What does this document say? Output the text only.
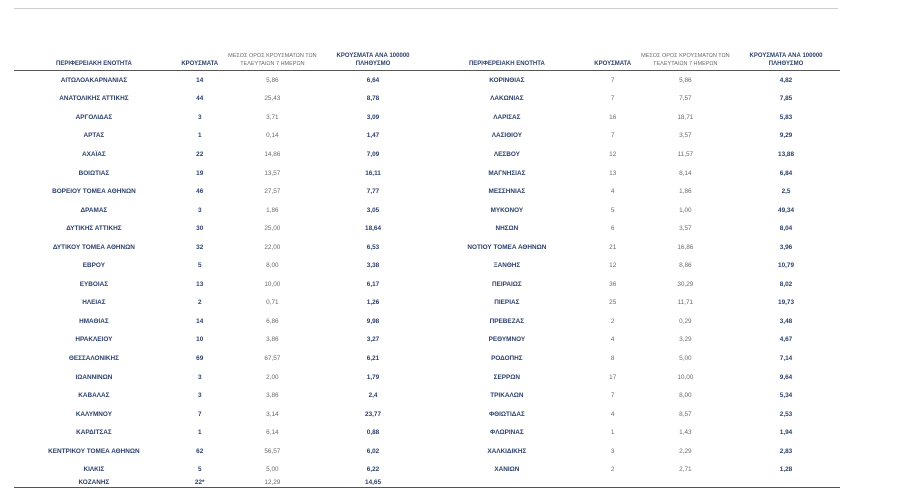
ΠΕΡΙΦΕΡΕΙΑΚΗ ΕΝΟΤΗΤΑ	ΚΡΟΥΣΜΑΤΑ	ΜΕΣΟΣ ΟΡΟΣ ΚΡΟΥΣΜΑΤΩΝ ΤΩΝ ΤΕΛΕΥΤΑΙΩΝ 7 ΗΜΕΡΩΝ	ΚΡΟΥΣΜΑΤΑ ΑΝΑ 100000 ΠΛΗΘΥΣΜΟ	ΠΕΡΙΦΕΡΕΙΑΚΗ ΕΝΟΤΗΤΑ	ΚΡΟΥΣΜΑΤΑ	ΜΕΣΟΣ ΟΡΟΣ ΚΡΟΥΣΜΑΤΩΝ ΤΩΝ ΤΕΛΕΥΤΑΙΩΝ 7 ΗΜΕΡΩΝ	ΚΡΟΥΣΜΑΤΑ ΑΝΑ 100000 ΠΛΗΘΥΣΜΟ
ΑΙΤΩΛΟΑΚΑΡΝΑΝΙΑΣ	14	5,86	6,64	ΚΟΡΙΝΘΙΑΣ	7	5,86	4,82
ΑΝΑΤΟΛΙΚΗΣ ΑΤΤΙΚΗΣ	44	25,43	8,78	ΛΑΚΩΝΙΑΣ	7	7,57	7,85
ΑΡΓΟΛΙΔΑΣ	3	3,71	3,09	ΛΑΡΙΣΑΣ	16	18,71	5,83
ΑΡΤΑΣ	1	0,14	1,47	ΛΑΣΙΘΙΟΥ	7	3,57	9,29
ΑΧΑΪΑΣ	22	14,86	7,09	ΛΕΣΒΟΥ	12	11,57	13,88
ΒΟΙΩΤΙΑΣ	19	13,57	16,11	ΜΑΓΝΗΣΙΑΣ	13	8,14	6,84
ΒΟΡΕΙΟΥ ΤΟΜΕΑ ΑΘΗΝΩΝ	46	27,57	7,77	ΜΕΣΣΗΝΙΑΣ	4	1,86	2,5
ΔΡΑΜΑΣ	3	1,86	3,05	ΜΥΚΟΝΟΥ	5	1,00	49,34
ΔΥΤΙΚΗΣ ΑΤΤΙΚΗΣ	30	25,00	18,64	ΝΗΣΩΝ	6	3,57	8,04
ΔΥΤΙΚΟΥ ΤΟΜΕΑ ΑΘΗΝΩΝ	32	22,00	6,53	ΝΟΤΙΟΥ ΤΟΜΕΑ ΑΘΗΝΩΝ	21	16,86	3,96
ΕΒΡΟΥ	5	8,00	3,38	ΞΑΝΘΗΣ	12	8,86	10,79
ΕΥΒΟΙΑΣ	13	10,00	6,17	ΠΕΙΡΑΙΩΣ	36	30,29	8,02
ΗΛΕΙΑΣ	2	0,71	1,26	ΠΙΕΡΙΑΣ	25	11,71	19,73
ΗΜΑΘΙΑΣ	14	6,86	9,98	ΠΡΕΒΕΖΑΣ	2	0,29	3,48
ΗΡΑΚΛΕΙΟΥ	10	3,86	3,27	ΡΕΘΥΜΝΟΥ	4	3,29	4,67
ΘΕΣΣΑΛΟΝΙΚΗΣ	69	67,57	6,21	ΡΟΔΟΠΗΣ	8	5,00	7,14
ΙΩΑΝΝΙΝΩΝ	3	2,00	1,79	ΣΕΡΡΩΝ	17	10,00	9,64
ΚΑΒΑΛΑΣ	3	3,86	2,4	ΤΡΙΚΑΛΩΝ	7	8,00	5,34
ΚΑΛΥΜΝΟΥ	7	3,14	23,77	ΦΘΙΩΤΙΔΑΣ	4	8,57	2,53
ΚΑΡΔΙΤΣΑΣ	1	6,14	0,88	ΦΛΩΡΙΝΑΣ	1	1,43	1,94
ΚΕΝΤΡΙΚΟΥ ΤΟΜΕΑ ΑΘΗΝΩΝ	62	56,57	6,02	ΧΑΛΚΙΔΙΚΗΣ	3	2,29	2,83
ΚΙΛΚΙΣ	5	5,00	6,22	ΧΑΝΙΩΝ	2	2,71	1,28
ΚΟΖΑΝΗΣ	22*	12,29	14,65				
